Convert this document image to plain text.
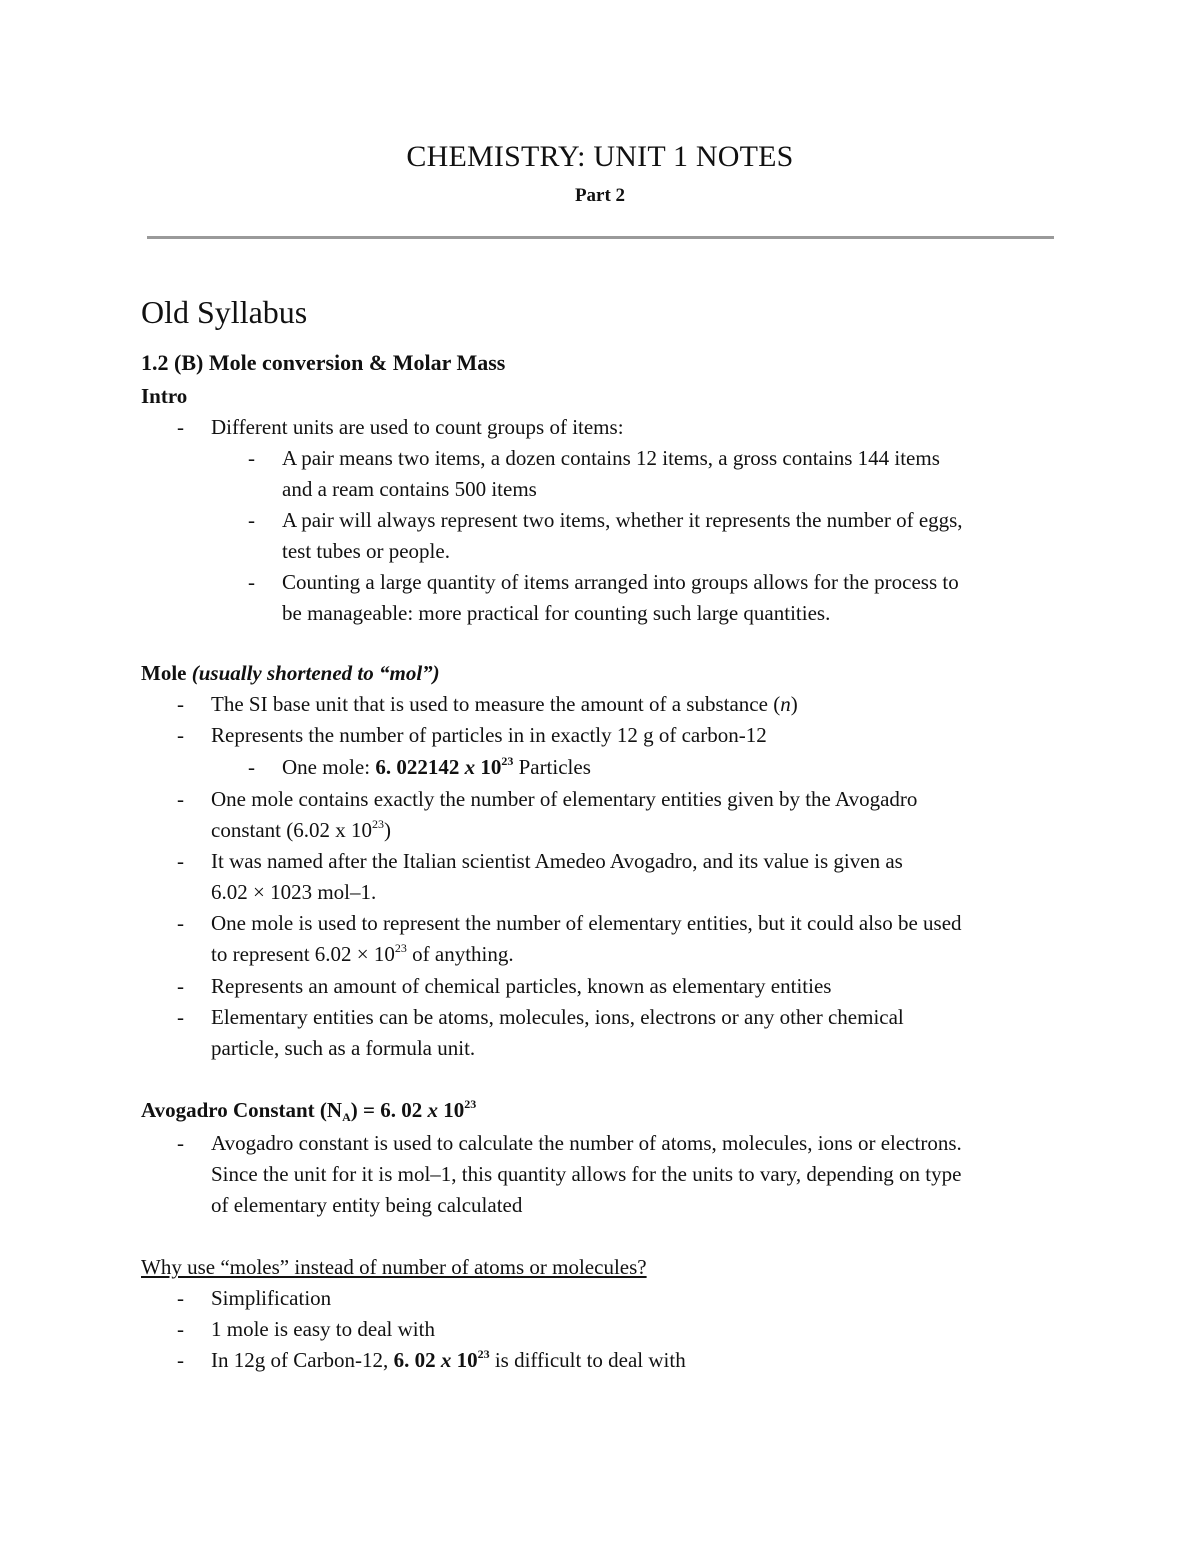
CHEMISTRY: UNIT 1 NOTES
Part 2
Old Syllabus
1.2 (B) Mole conversion & Molar Mass
Intro
- Different units are used to count groups of items:
- A pair means two items, a dozen contains 12 items, a gross contains 144 items
and a ream contains 500 items
- A pair will always represent two items, whether it represents the number of eggs,
test tubes or people.
- Counting a large quantity of items arranged into groups allows for the process to
be manageable: more practical for counting such large quantities.
Mole (usually shortened to “mol”)
- The SI base unit that is used to measure the amount of a substance (n)
- Represents the number of particles in in exactly 12 g of carbon-12
- One mole: 6. 022142 x $10^{23}$ Particles
- One mole contains exactly the number of elementary entities given by the Avogadro
constant (6.02 x $10^{23}$)
- It was named after the Italian scientist Amedeo Avogadro, and its value is given as
6.02 × 1023 mol–1.
- One mole is used to represent the number of elementary entities, but it could also be used
to represent $6.02 \times 10^{23}$ of anything.
- Represents an amount of chemical particles, known as elementary entities
- Elementary entities can be atoms, molecules, ions, electrons or any other chemical
particle, such as a formula unit.
Avogadro Constant $(N_A) = 6$. 02 x $10^{23}$
- Avogadro constant is used to calculate the number of atoms, molecules, ions or electrons.
Since the unit for it is mol–1, this quantity allows for the units to vary, depending on type
of elementary entity being calculated
Why use “moles” instead of number of atoms or molecules?
- Simplification
- 1 mole is easy to deal with
- In 12g of Carbon-12, 6. 02 x $10^{23}$ is difficult to deal with
